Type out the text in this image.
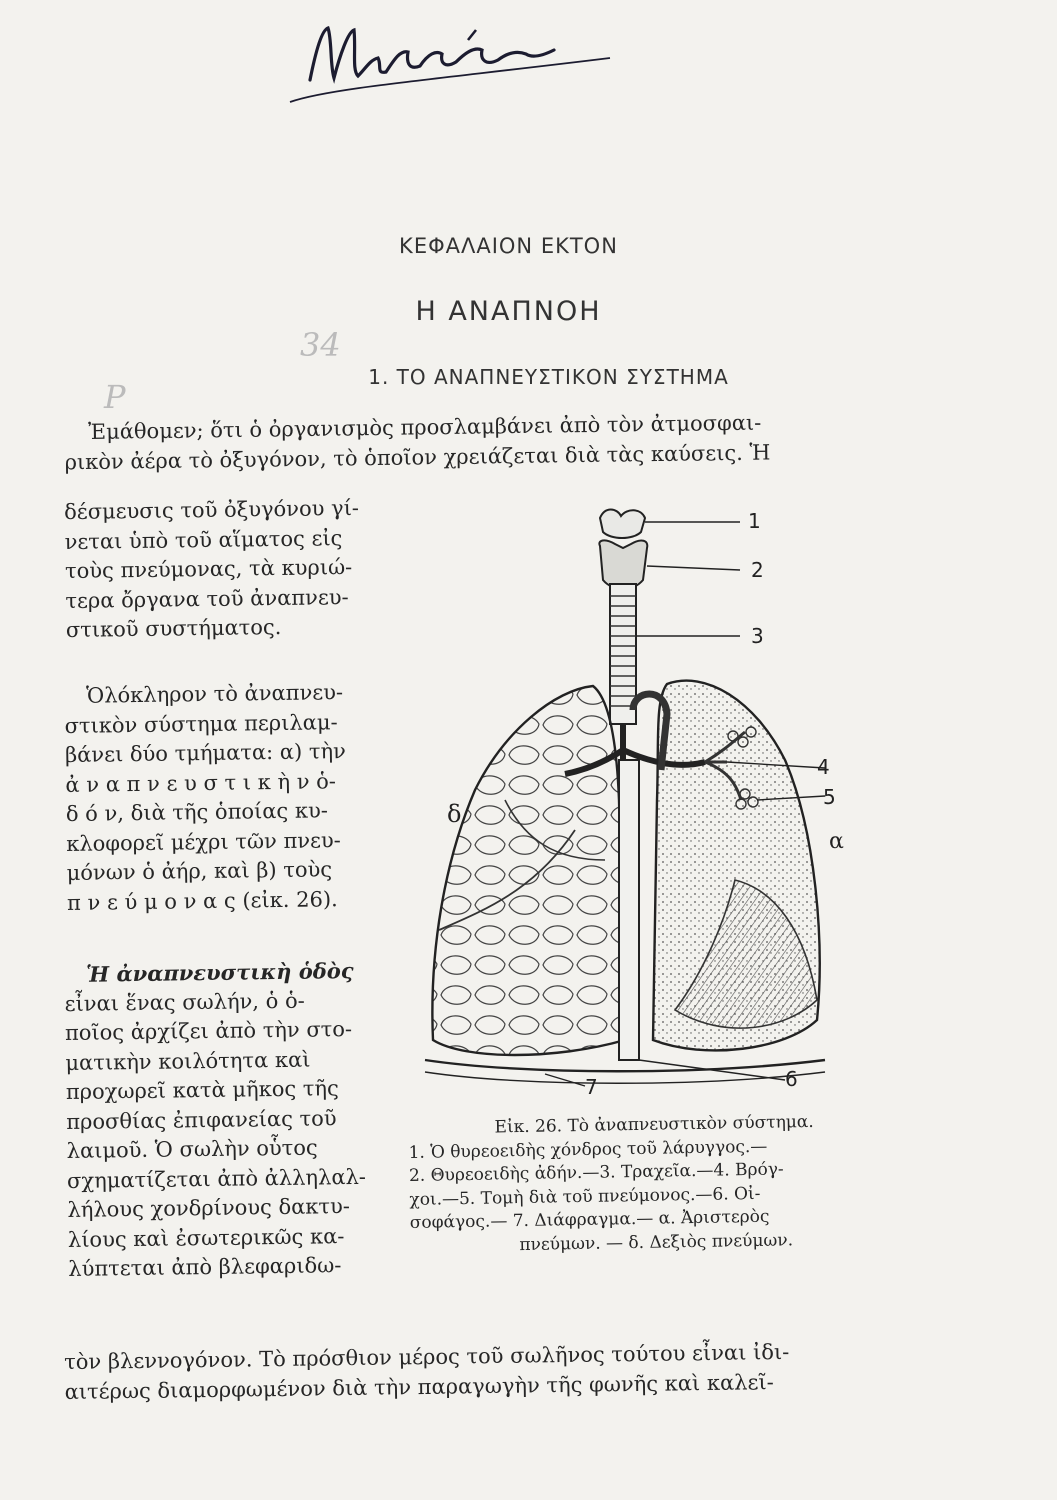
34
P
ΚΕΦΑΛΑΙΟΝ ΕΚΤΟΝ
Η ΑΝΑΠΝΟΗ
1. ΤΟ ΑΝΑΠΝΕΥΣΤΙΚΟΝ ΣΥΣΤΗΜΑ
Ἐμάθομεν; ὅτι ὁ ὀργανισμὸς προσλαμβάνει ἀπὸ τὸν ἀτμοσφαι-
ρικὸν ἀέρα τὸ ὀξυγόνον, τὸ ὁποῖον χρειάζεται διὰ τὰς καύσεις. Ἡ
δέσμευσις τοῦ ὀξυγόνου γί-
νεται ὑπὸ τοῦ αἵματος εἰς
τοὺς πνεύμονας, τὰ κυριώ-
τερα ὄργανα τοῦ ἀναπνευ-
στικοῦ συστήματος.
Ὁλόκληρον τὸ ἀναπνευ-
στικὸν σύστημα περιλαμ-
βάνει δύο τμήματα: α) τὴν
ἀ ν α π ν ε υ σ τ ι κ ὴ ν ὁ-
δ ό ν, διὰ τῆς ὁποίας κυ-
κλοφορεῖ μέχρι τῶν πνευ-
μόνων ὁ ἀήρ, καὶ β) τοὺς
π ν ε ύ μ ο ν α ς (εἰκ. 26).
Ἡ ἀναπνευστικὴ ὁδὸς
εἶναι ἕνας σωλήν, ὁ ὁ-
ποῖος ἀρχίζει ἀπὸ τὴν στο-
ματικὴν κοιλότητα καὶ
προχωρεῖ κατὰ μῆκος τῆς
προσθίας ἐπιφανείας τοῦ
λαιμοῦ. Ὁ σωλὴν οὗτος
σχηματίζεται ἀπὸ ἀλληλαλ-
λήλους χονδρίνους δακτυ-
λίους καὶ ἐσωτερικῶς κα-
λύπτεται ἀπὸ βλεφαριδω-
τὸν βλεννογόνον. Τὸ πρόσθιον μέρος τοῦ σωλῆνος τούτου εἶναι ἰδι-
αιτέρως διαμορφωμένον διὰ τὴν παραγωγὴν τῆς φωνῆς καὶ καλεῖ-
1
2
3
4
5
6
7
α
δ
Εἰκ. 26. Τὸ ἀναπνευστικὸν σύστημα.
1. Ὁ θυρεοειδὴς χόνδρος τοῦ λάρυγγος.—
2. Θυρεοειδὴς ἀδήν.—3. Τραχεῖα.—4. Βρόγ-
χοι.—5. Τομὴ διὰ τοῦ πνεύμονος.—6. Οἰ-
σοφάγος.— 7. Διάφραγμα.— α. Ἀριστερὸς
πνεύμων. — δ. Δεξιὸς πνεύμων.
